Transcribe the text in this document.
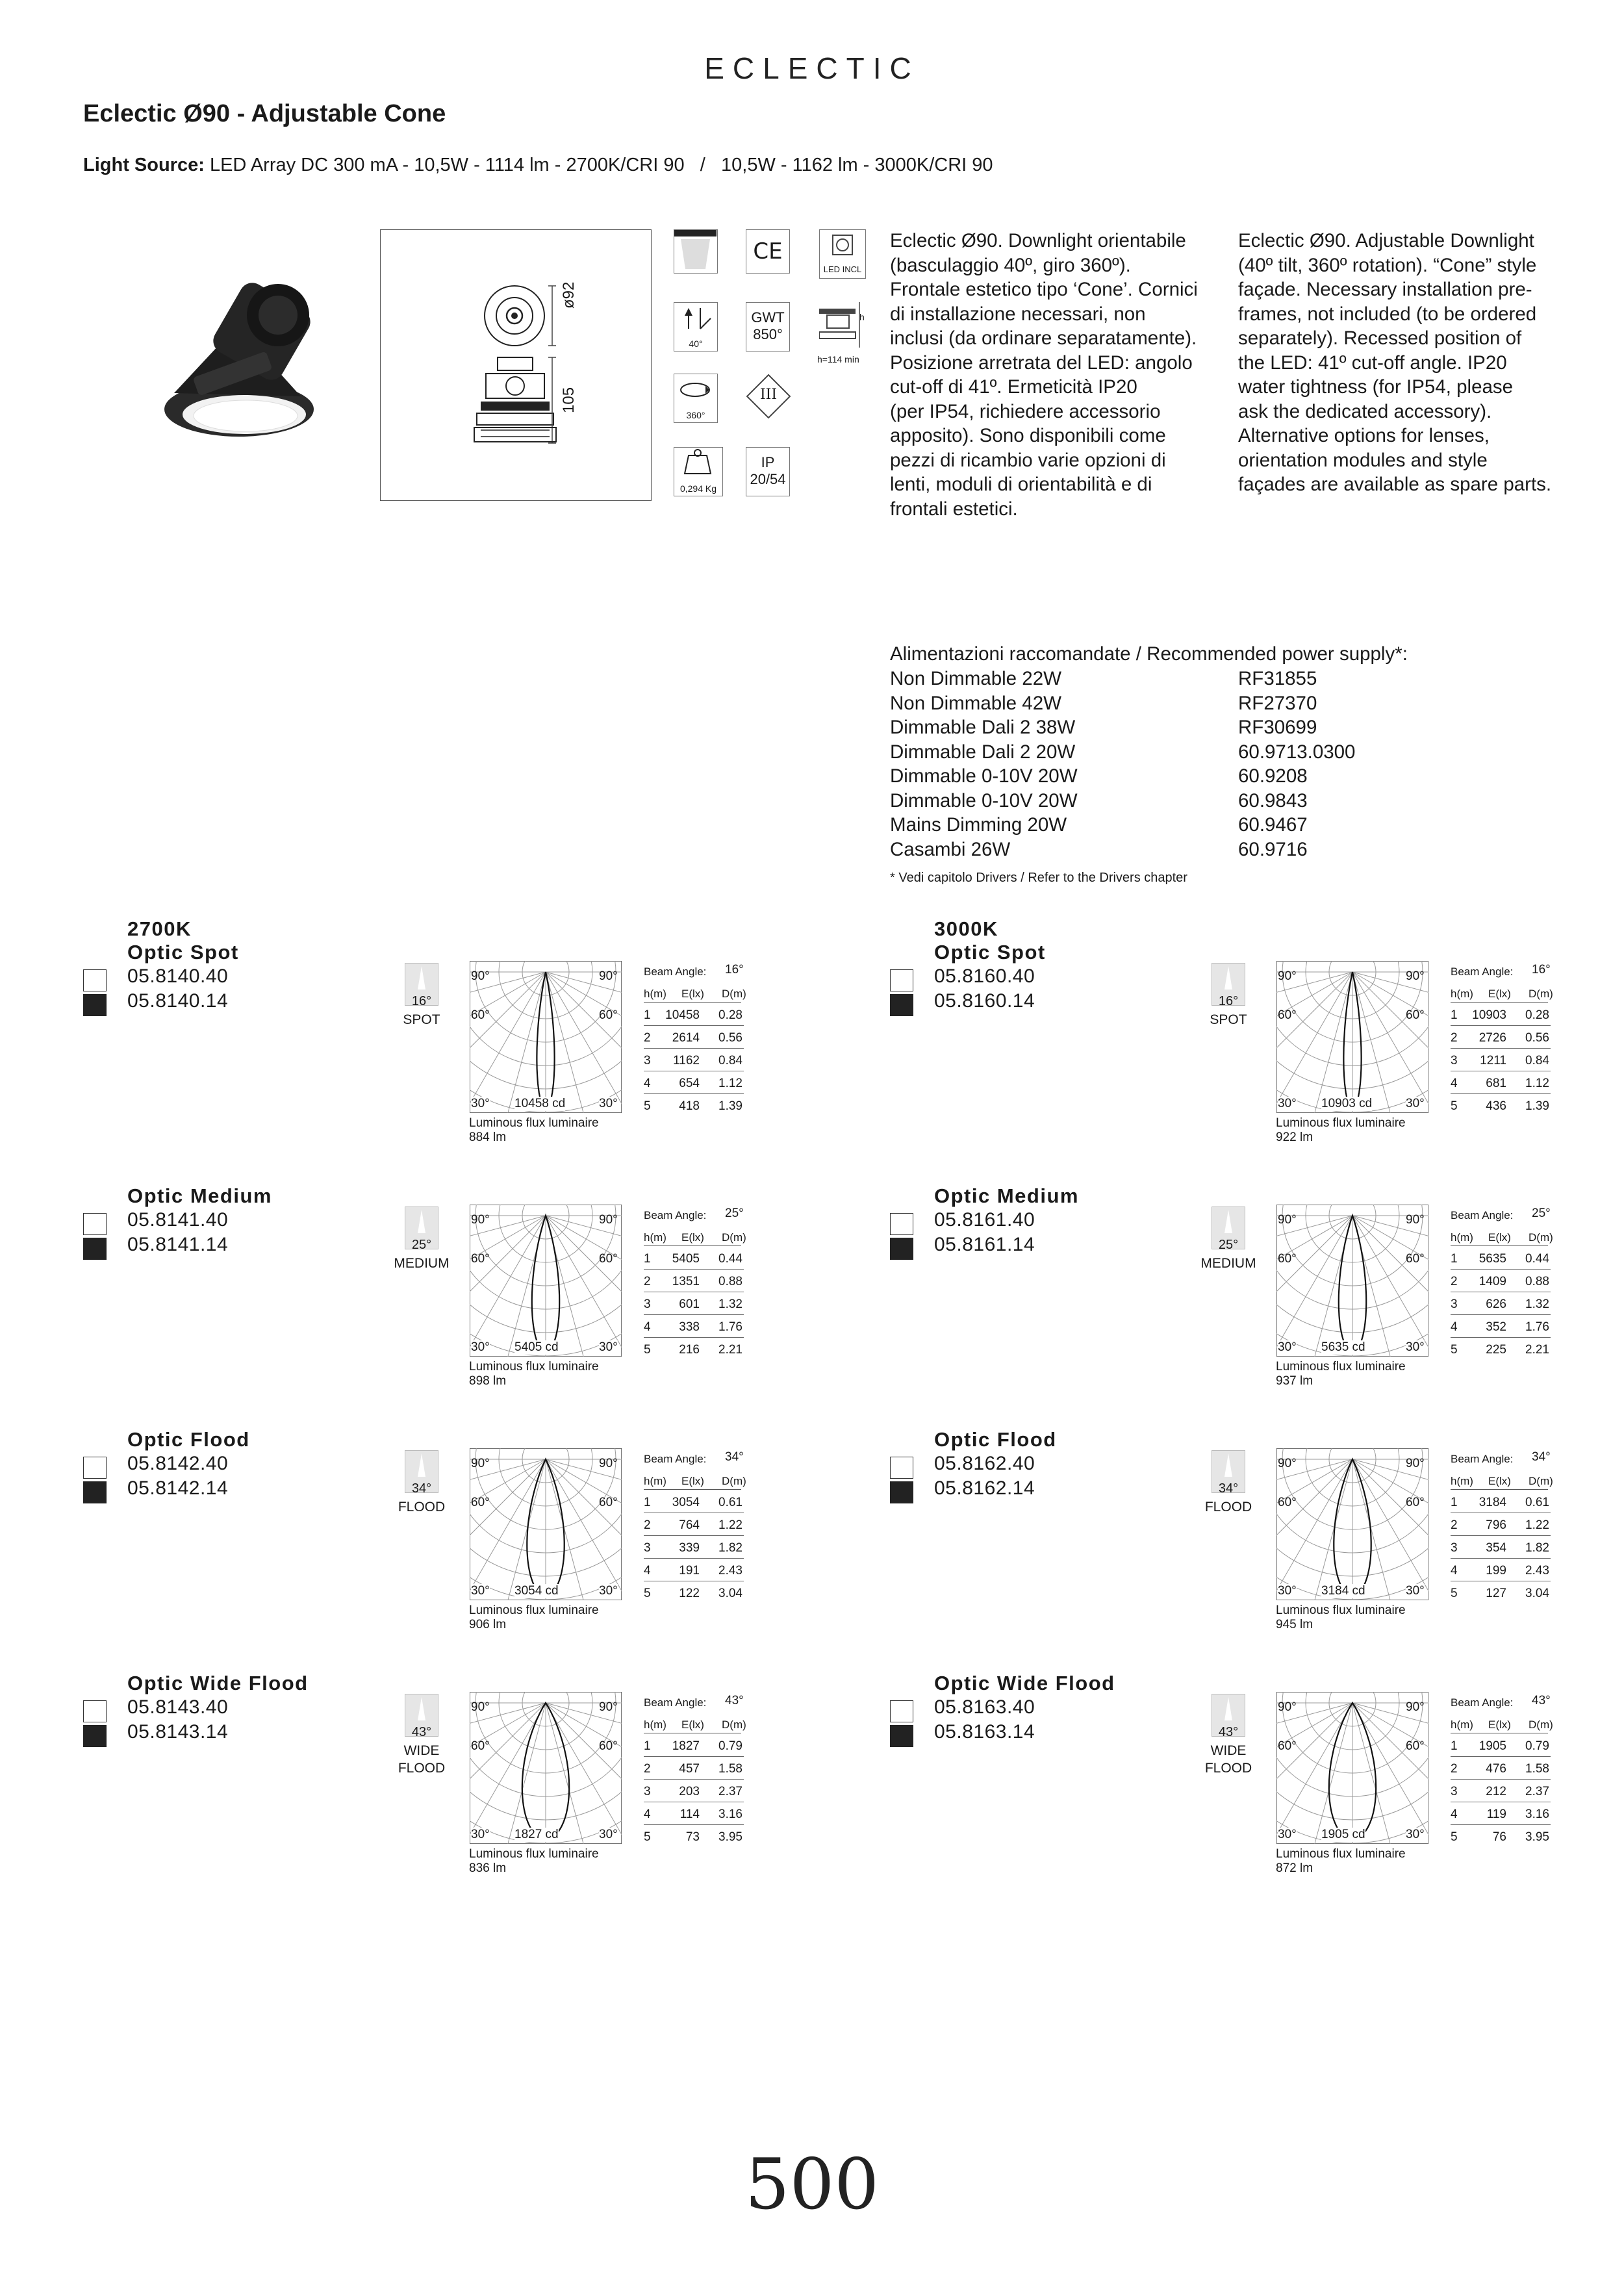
ECLECTIC
Eclectic Ø90 - Adjustable Cone
Light Source: LED Array DC 300 mA - 10,5W - 1114 lm - 2700K/CRI 90   /   10,5W - 1162 lm - 3000K/CRI 90
ø92
105
CE
LED INCL
40°
GWT
850°
h
h=114 min
360°
III
0,294 Kg
IP
20/54
Eclectic Ø90. Downlight orientabile
(basculaggio 40º, giro 360º).
Frontale estetico tipo ‘Cone’. Cornici
di installazione necessari, non
inclusi (da ordinare separatamente).
Posizione arretrata del LED: angolo
cut-off di 41º. Ermeticità IP20
(per IP54, richiedere accessorio
apposito). Sono disponibili come
pezzi di ricambio varie opzioni di
lenti, moduli di orientabilità e di
frontali estetici.
Eclectic Ø90. Adjustable Downlight
(40º tilt, 360º rotation). “Cone” style
façade. Necessary installation pre-
frames, not included (to be ordered
separately). Recessed position of
the LED: 41º cut-off angle. IP20
water tightness (for IP54, please
ask the dedicated accessory).
Alternative options for lenses,
orientation modules and style
façades are available as spare parts.
Alimentazioni raccomandate / Recommended power supply*:
Non Dimmable 22W	RF31855
Non Dimmable 42W	RF27370
Dimmable Dali 2 38W	RF30699
Dimmable Dali 2 20W	60.9713.0300
Dimmable 0-10V 20W	60.9208
Dimmable 0-10V 20W	60.9843
Mains Dimming 20W	60.9467
Casambi 26W	60.9716
* Vedi capitolo Drivers / Refer to the Drivers chapter
2700K
Optic Spot
05.8140.40
05.8140.14	16°
SPOT
90°	90°
60°	60°
30°	30°
10458 cd
Luminous flux luminaire
884 lm
Beam Angle: 16°
h(m) E(lx) D(m)
1 10458 0.28
2 2614 0.56
3 1162 0.84
4 654 1.12
5 418 1.39
Optic Medium
05.8141.40
05.8141.14	25°
MEDIUM
90°	90°
60°	60°
30°	30°
5405 cd
Luminous flux luminaire
898 lm
Beam Angle: 25°
h(m) E(lx) D(m)
1 5405 0.44
2 1351 0.88
3 601 1.32
4 338 1.76
5 216 2.21
Optic Flood
05.8142.40
05.8142.14	34°
FLOOD
90°	90°
60°	60°
30°	30°
3054 cd
Luminous flux luminaire
906 lm
Beam Angle: 34°
h(m) E(lx) D(m)
1 3054 0.61
2 764 1.22
3 339 1.82
4 191 2.43
5 122 3.04
Optic Wide Flood
05.8143.40
05.8143.14	43°
WIDE
FLOOD
90°	90°
60°	60°
30°	30°
1827 cd
Luminous flux luminaire
836 lm
Beam Angle: 43°
h(m) E(lx) D(m)
1 1827 0.79
2 457 1.58
3 203 2.37
4 114 3.16
5	73 3.95
3000K
Optic Spot
05.8160.40
05.8160.14	16°
SPOT
90°	90°
60°	60°
30°	30°
10903 cd
Luminous flux luminaire
922 lm
Beam Angle: 16°
h(m) E(lx) D(m)
1 10903 0.28
2 2726 0.56
3 1211 0.84
4 681 1.12
5 436 1.39
Optic Medium
05.8161.40
05.8161.14	25°
MEDIUM
90°	90°
60°	60°
30°	30°
5635 cd
Luminous flux luminaire
937 lm
Beam Angle: 25°
h(m) E(lx) D(m)
1 5635 0.44
2 1409 0.88
3 626 1.32
4 352 1.76
5 225 2.21
Optic Flood
05.8162.40
05.8162.14	34°
FLOOD
90°	90°
60°	60°
30°	30°
3184 cd
Luminous flux luminaire
945 lm
Beam Angle: 34°
h(m) E(lx) D(m)
1 3184 0.61
2 796 1.22
3 354 1.82
4 199 2.43
5 127 3.04
Optic Wide Flood
05.8163.40
05.8163.14	43°
WIDE
FLOOD
90°	90°
60°	60°
30°	30°
1905 cd
Luminous flux luminaire
872 lm
Beam Angle: 43°
h(m) E(lx) D(m)
1 1905 0.79
2 476 1.58
3 212 2.37
4 119 3.16
5	76 3.95
500
